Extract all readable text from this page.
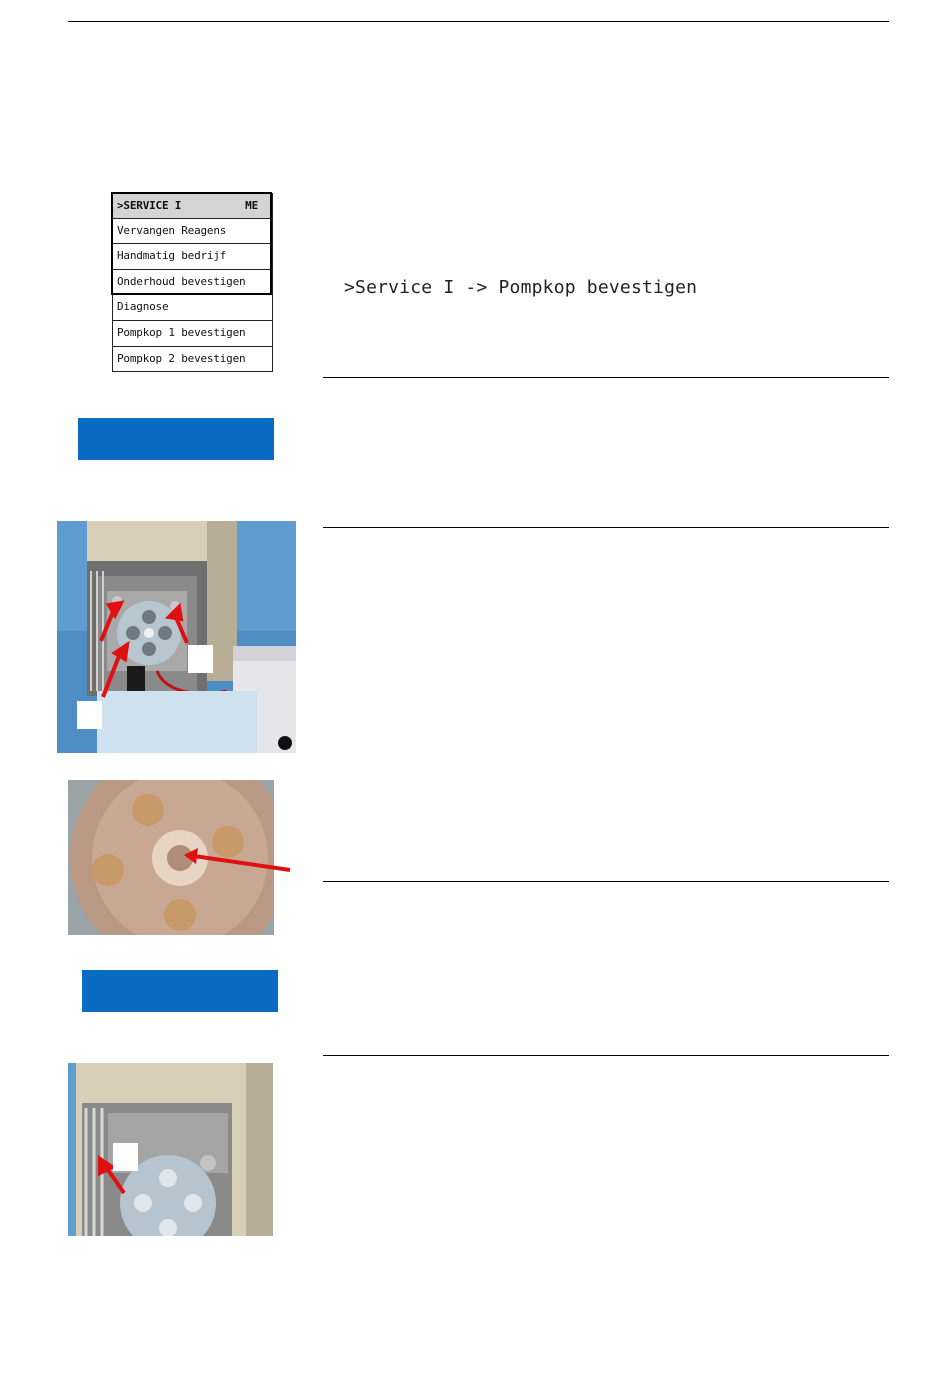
>SERVICE I	ME
Vervangen Reagens
Handmatig bedrijf
Onderhoud bevestigen
Diagnose
Pompkop 1 bevestigen
Pompkop 2 bevestigen
>Service I -> Pompkop bevestigen
